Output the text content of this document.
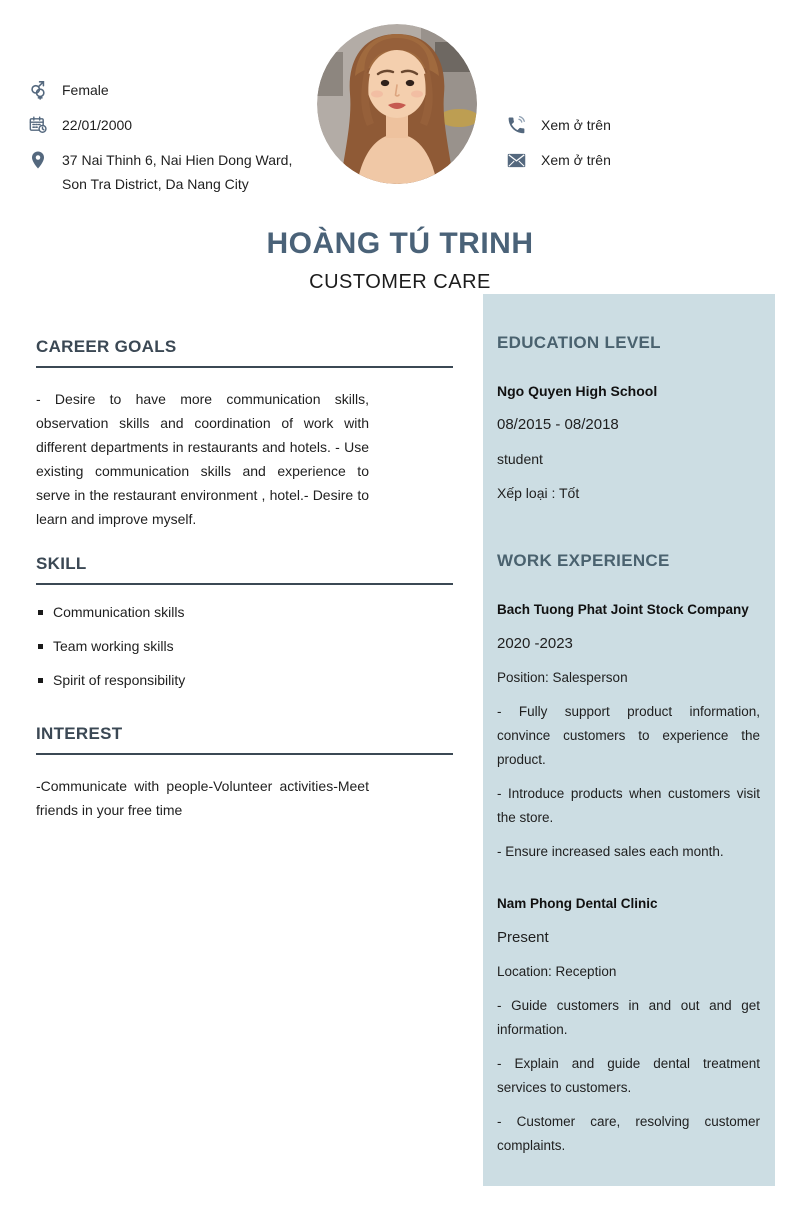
Female
22/01/2000
37 Nai Thinh 6, Nai Hien Dong Ward, Son Tra District, Da Nang City
Xem ở trên
Xem ở trên
HOÀNG TÚ TRINH
CUSTOMER CARE
CAREER GOALS

- Desire to have more communication skills, observation skills and coordination of work with different departments in restaurants and hotels. - Use existing communication skills and experience to serve in the restaurant environment , hotel.- Desire to learn and improve myself.

SKILL
Communication skills
Team working skills
Spirit of responsibility
INTEREST

-Communicate with people-Volunteer activities-Meet friends in your free time

EDUCATION LEVEL
Ngo Quyen High School
08/2015 - 08/2018
student
Xếp loại : Tốt
WORK EXPERIENCE
Bach Tuong Phat Joint Stock Company
2020 -2023
Position: Salesperson

- Fully support product information, convince customers to experience the product.

- Introduce products when customers visit the store.

- Ensure increased sales each month.

Nam Phong Dental Clinic
Present
Location: Reception

- Guide customers in and out and get information.

- Explain and guide dental treatment services to customers.

- Customer care, resolving customer complaints.
